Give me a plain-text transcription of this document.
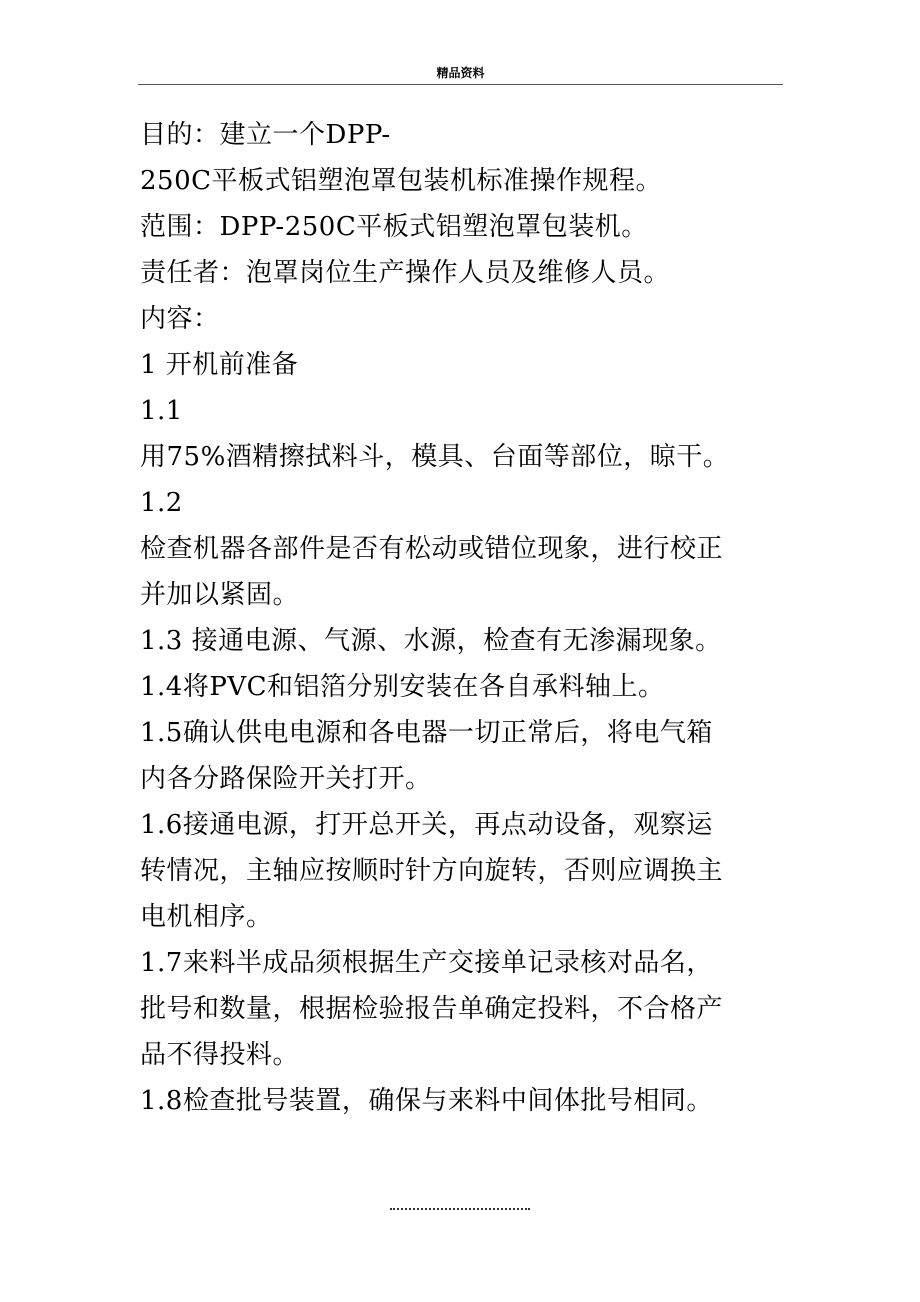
精品资料
目的：建立一个DPP-
250C平板式铝塑泡罩包装机标准操作规程。
范围：DPP-250C平板式铝塑泡罩包装机。
责任者：泡罩岗位生产操作人员及维修人员。
内容：
1 开机前准备
1.1
用75%酒精擦拭料斗，模具、台面等部位，晾干。
1.2
检查机器各部件是否有松动或错位现象，进行校正
并加以紧固。
1.3 接通电源、气源、水源，检查有无渗漏现象。
1.4将PVC和铝箔分别安装在各自承料轴上。
1.5确认供电电源和各电器一切正常后，将电气箱
内各分路保险开关打开。
1.6接通电源，打开总开关，再点动设备，观察运
转情况，主轴应按顺时针方向旋转，否则应调换主
电机相序。
1.7来料半成品须根据生产交接单记录核对品名，
批号和数量，根据检验报告单确定投料，不合格产
品不得投料。
1.8检查批号装置，确保与来料中间体批号相同。
